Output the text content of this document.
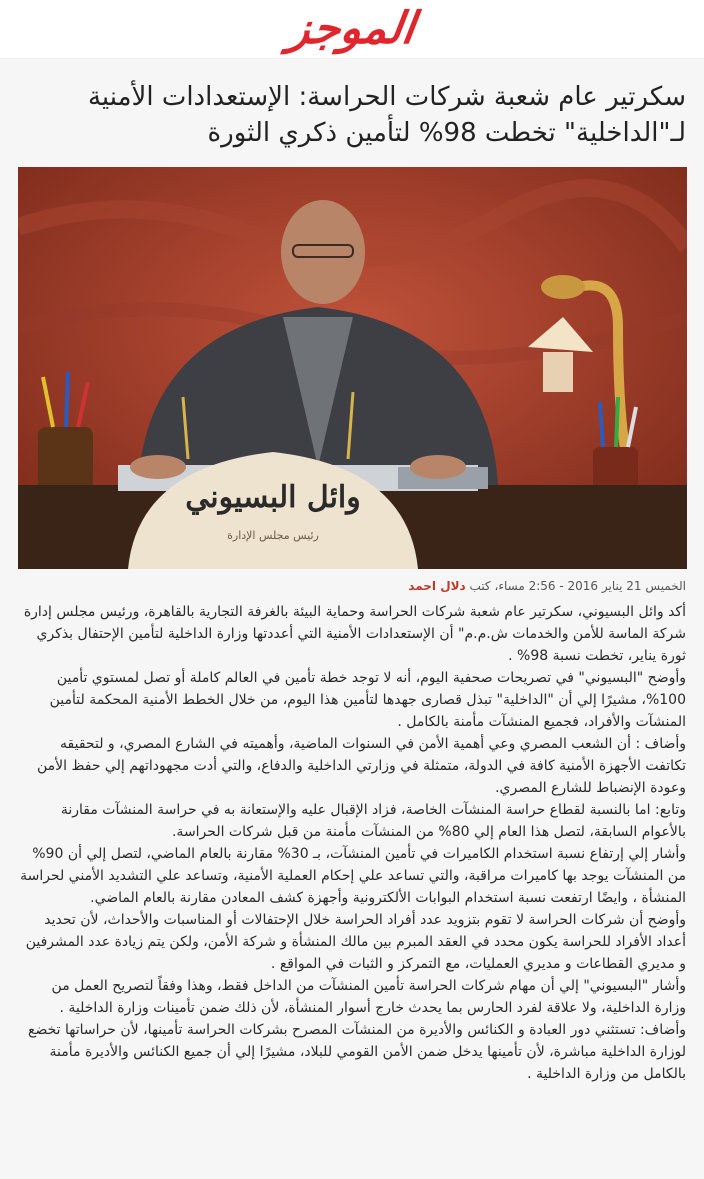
الموجز
سكرتير عام شعبة شركات الحراسة: الإستعدادات الأمنية لـ"الداخلية" تخطت 98% لتأمين ذكري الثورة
وائل البسيوني
رئيس مجلس الإدارة
الخميس 21 يناير 2016 - 2:56 مساء، كتب دلال احمد

أكد وائل البسيوني، سكرتير عام شعبة شركات الحراسة وحماية البيئة بالغرفة التجارية بالقاهرة، ورئيس مجلس إدارة شركة الماسة للأمن والخدمات ش.م.م" أن الإستعدادات الأمنية التي أعددتها وزارة الداخلية لتأمين الإحتفال بذكري ثورة يناير، تخطت نسبة 98% .

وأوضح "البسيوني" في تصريحات صحفية اليوم، أنه لا توجد خطة تأمين في العالم كاملة أو تصل لمستوي تأمين 100%، مشيرًا إلي أن "الداخلية" تبذل قصارى جهدها لتأمين هذا اليوم، من خلال الخطط الأمنية المحكمة لتأمين المنشآت والأفراد، فجميع المنشآت مأمنة بالكامل .

وأضاف : أن الشعب المصري وعي أهمية الأمن في السنوات الماضية، وأهميته في الشارع المصري، و لتحقيقه تكاتفت الأجهزة الأمنية كافة في الدولة، متمثلة في وزارتي الداخلية والدفاع، والتي أدت مجهوداتهم إلي حفظ الأمن وعودة الإنضباط للشارع المصري.

وتابع: اما بالنسبة لقطاع حراسة المنشآت الخاصة، فزاد الإقبال عليه والإستعانة به في حراسة المنشآت مقارنة بالأعوام السابقة، لتصل هذا العام إلي 80% من المنشآت مأمنة من قبل شركات الحراسة.

وأشار إلي إرتفاع نسبة استخدام الكاميرات في تأمين المنشآت، بـ 30% مقارنة بالعام الماضي، لتصل إلي أن 90% من المنشآت يوجد بها كاميرات مراقبة، والتي تساعد علي إحكام العملية الأمنية، وتساعد علي التشديد الأمني لحراسة المنشأة ، وايضًا ارتفعت نسبة استخدام البوابات الألكترونية وأجهزة كشف المعادن مقارنة بالعام الماضي.

وأوضح أن شركات الحراسة لا تقوم بتزويد عدد أفراد الحراسة خلال الإحتفالات أو المناسبات والأحداث، لأن تحديد أعداد الأفراد للحراسة يكون محدد في العقد المبرم بين مالك المنشأة و شركة الأمن، ولكن يتم زيادة عدد المشرفين و مديري القطاعات و مديري العمليات، مع التمركز و الثبات في المواقع .

وأشار "البسيوني" إلي أن مهام شركات الحراسة تأمين المنشآت من الداخل فقط، وهذا وفقاً لتصريح العمل من وزارة الداخلية، ولا علاقة لفرد الحارس بما يحدث خارج أسوار المنشأة، لأن ذلك ضمن تأمينات وزارة الداخلية .

وأضاف: تستثني دور العبادة و الكنائس والأديرة من المنشآت المصرح بشركات الحراسة تأمينها، لأن حراساتها تخضع لوزارة الداخلية مباشرة، لأن تأمينها يدخل ضمن الأمن القومي للبلاد، مشيرًا إلي أن جميع الكنائس والأديرة مأمنة بالكامل من وزارة الداخلية .
